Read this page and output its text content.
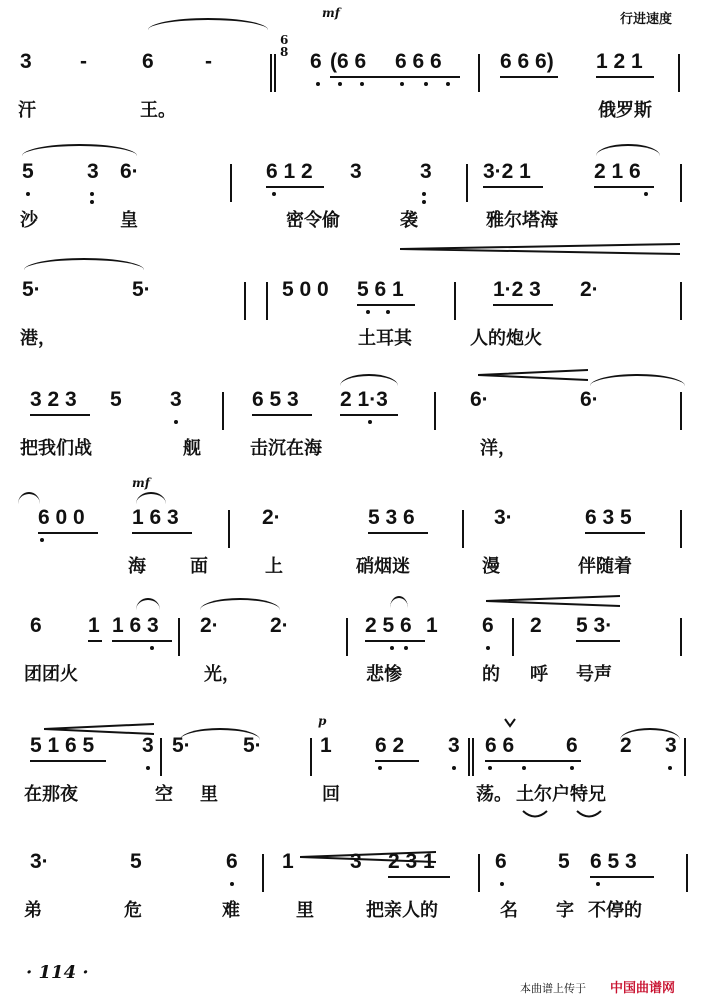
行进速度
3 -	6 -	6 (6 6 6 6 6	6 6 6) 1 2 1
汗	王。	俄罗斯
5	3 6·	6 1 2 3	3 3·2 1	2 1 6
沙	皇	密令偷	袭	雅尔塔海
5·	5·	5 0 0 5 6 1	1·2 3 2·
港，	土耳其	人的炮火
3 2 3 5 3	6 5 3 2 1·3	6·	6·
把我们战	舰	击沉在海	洋，
6 0 0 1 6 3	2·	5 3 6	3·	6 3 5
海 面	上	硝烟迷	漫	伴随着
6 1 1 6 3 2· 2·	2 5 6 1 6 2 5 3·
团团火	光，	悲惨	的 呼 号声
5 1 6 5 3 5· 5·	1 6 2 3 6 6 6 2 3
在那夜	空 里	回	荡。 土尔户特兄
3·	5	6 1	3 2 3 1	6 5 6 5 3
弟	危	难	里	把亲人的	名 字 不停的
mf
6
8
mf
p
· 114 ·
本曲谱上传于 中国曲谱网
